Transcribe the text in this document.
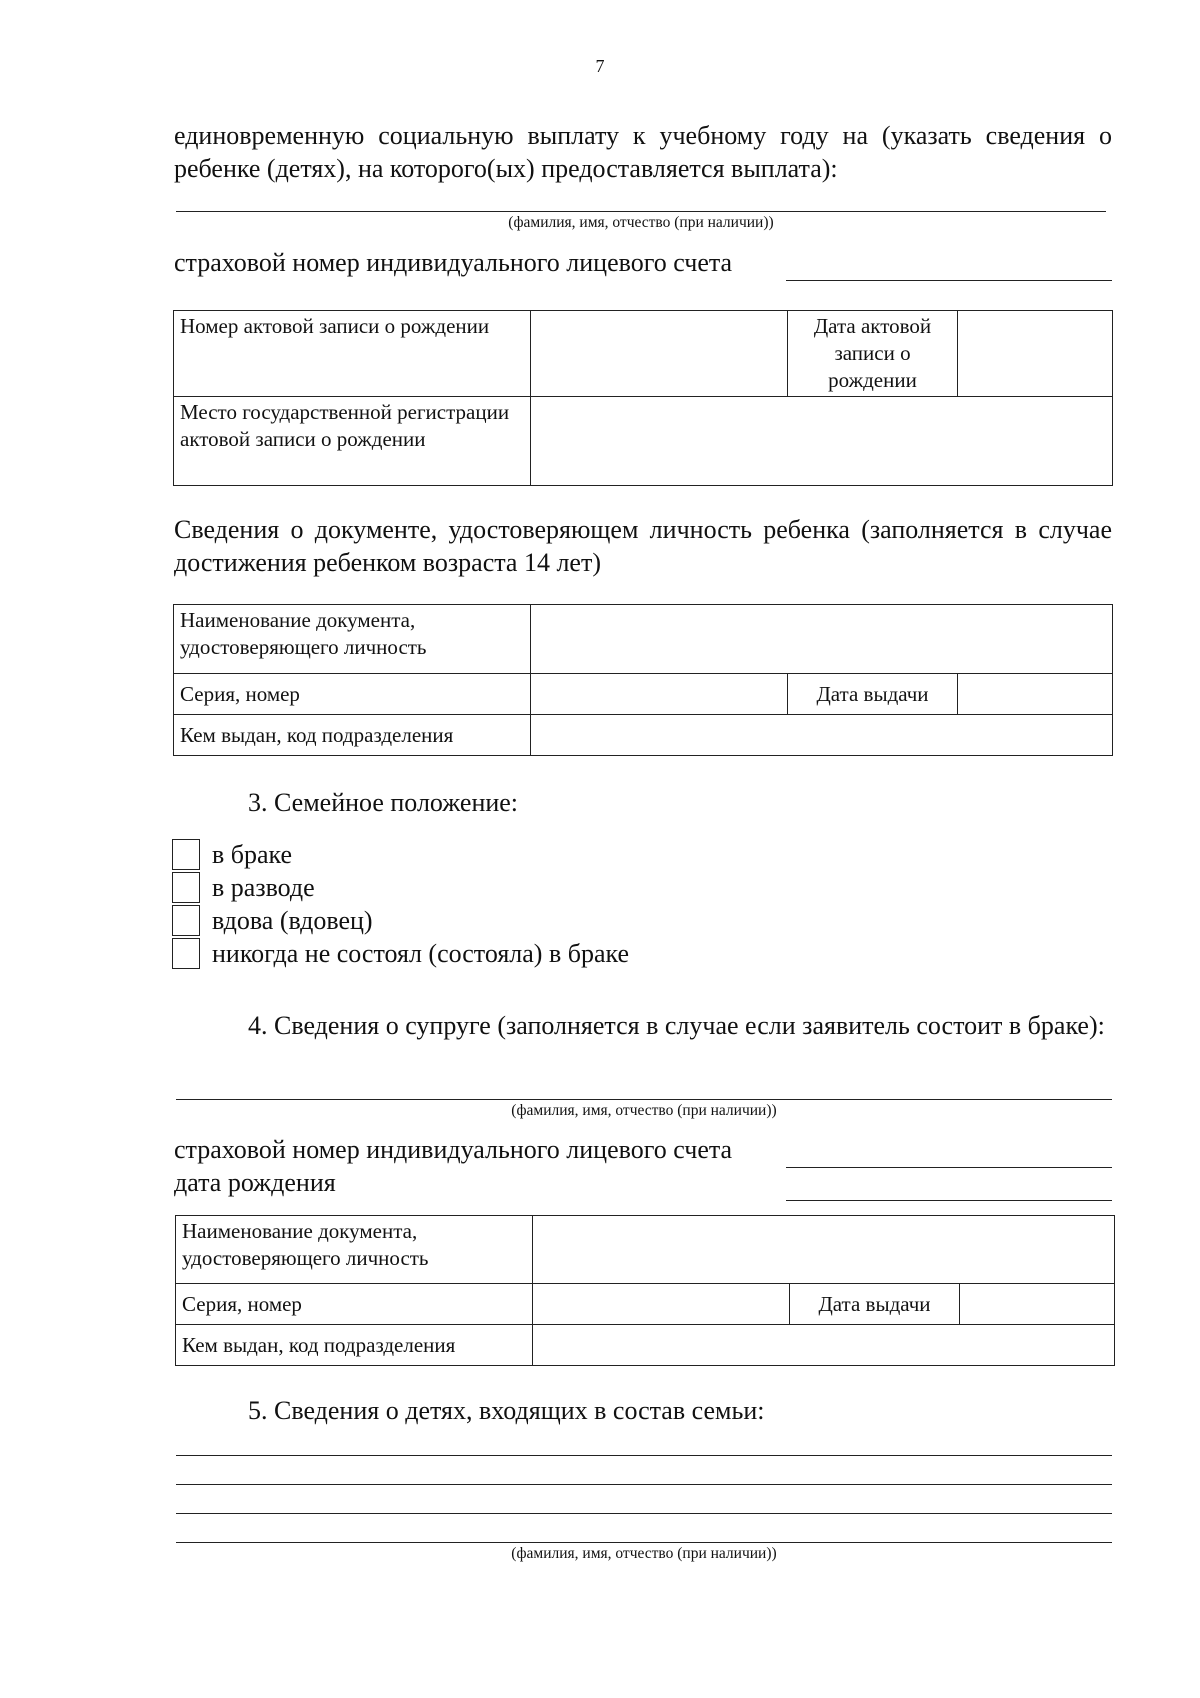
7
единовременную социальную выплату к учебному году на (указать сведения о ребенке (детях), на которого(ых) предоставляется выплата):
(фамилия, имя, отчество (при наличии))
страховой номер индивидуального лицевого счета
Номер актовой записи о рождении		Дата актовой записи о рождении	
Место государственной регистрации актовой записи о рождении			
Сведения о документе, удостоверяющем личность ребенка (заполняется в случае достижения ребенком возраста 14 лет)
Наименование документа, удостоверяющего личность			
Серия, номер		Дата выдачи	
Кем выдан, код подразделения			
3. Семейное положение:
в браке
в разводе
вдова (вдовец)
никогда не состоял (состояла) в браке
4. Сведения о супруге (заполняется в случае если заявитель состоит в браке):
(фамилия, имя, отчество (при наличии))
страховой номер индивидуального лицевого счета
дата рождения
Наименование документа, удостоверяющего личность			
Серия, номер		Дата выдачи	
Кем выдан, код подразделения			
5. Сведения о детях, входящих в состав семьи:
(фамилия, имя, отчество (при наличии))
